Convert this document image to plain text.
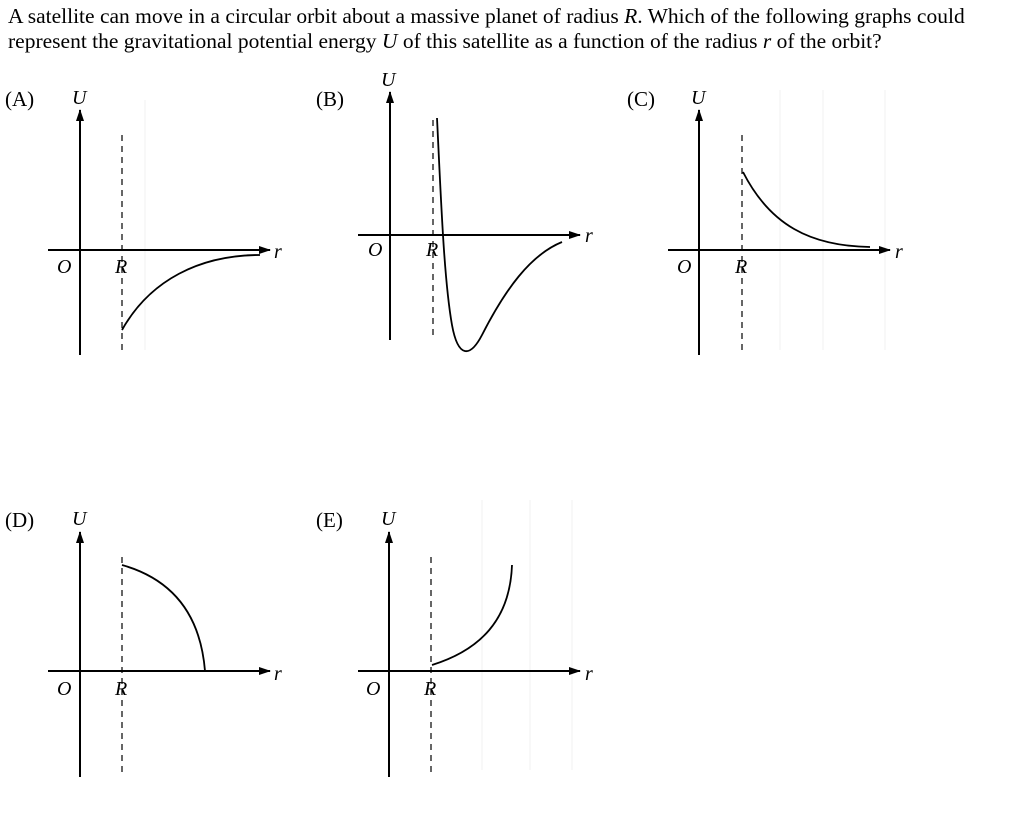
A satellite can move in a circular orbit about a massive planet of radius R. Which of the following graphs could

represent the gravitational potential energy U of this satellite as a function of the radius r of the orbit?

(A) U
r
O R
(B)
U
r
O R
(C) U
r
O R
(D) U
r
O R
(E) U
r
O R
